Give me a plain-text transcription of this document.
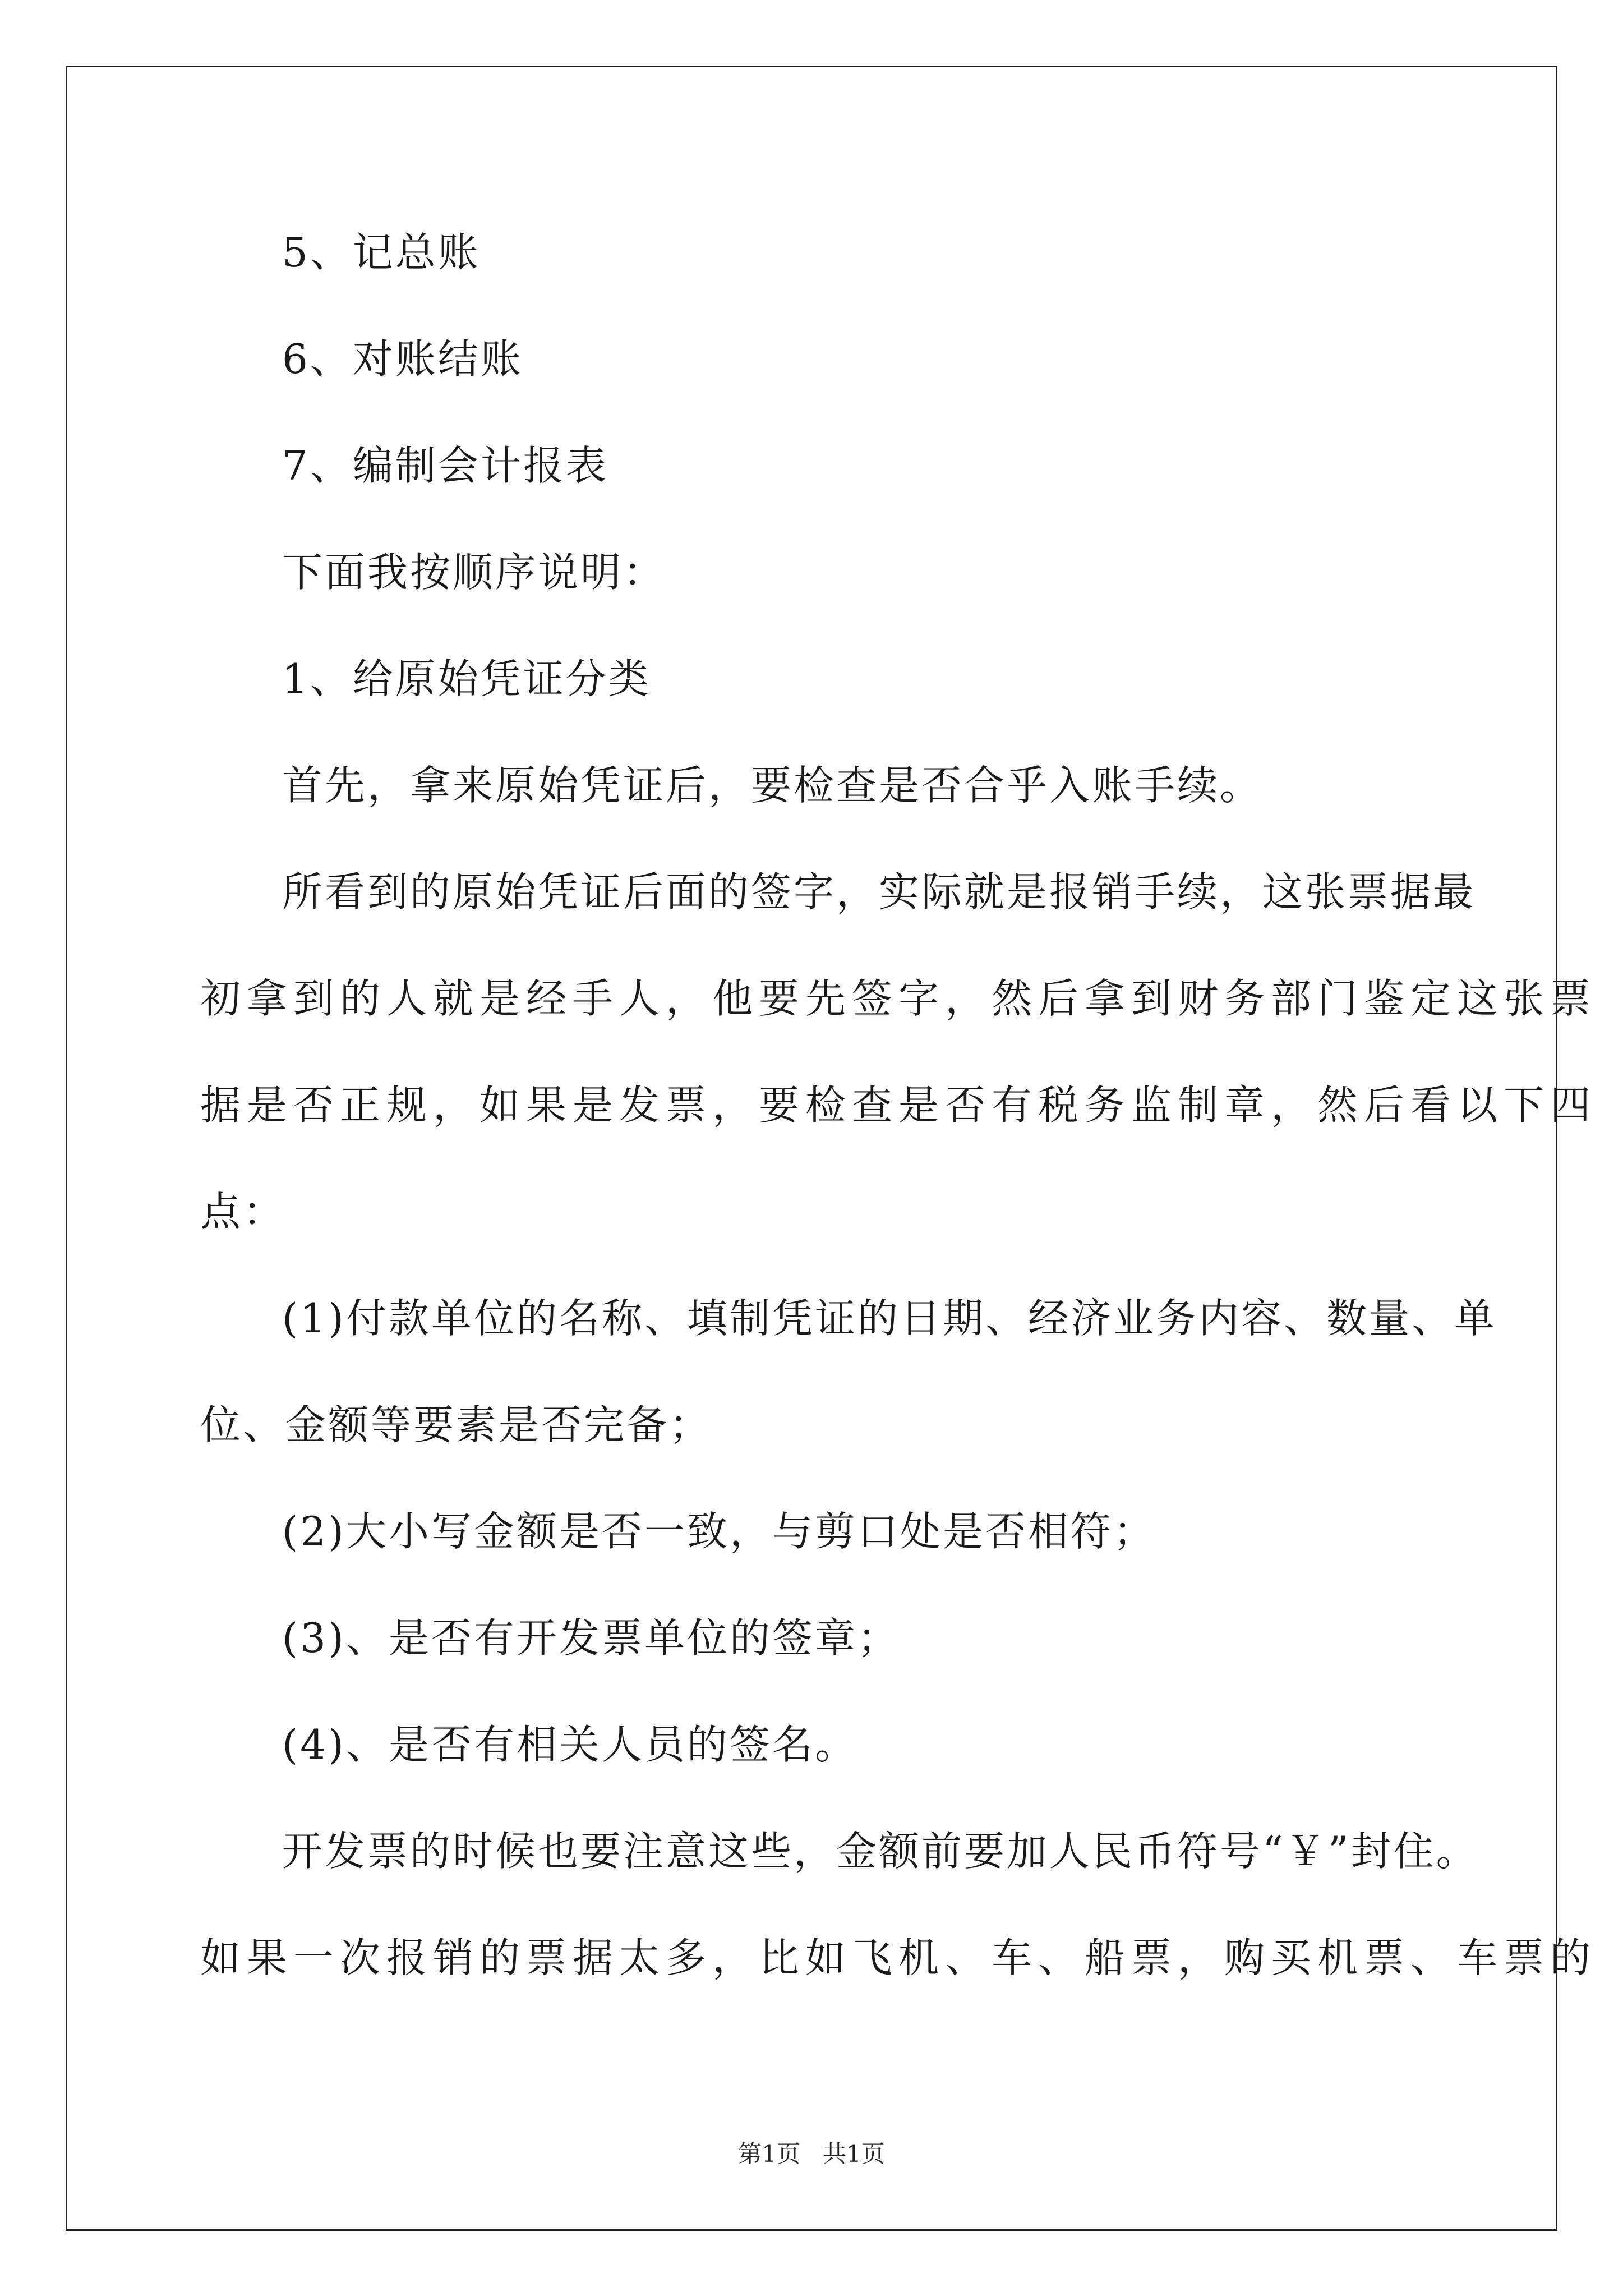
5、记总账
6、对账结账
7、编制会计报表
下面我按顺序说明：
1、给原始凭证分类
首先，拿来原始凭证后，要检查是否合乎入账手续。
所看到的原始凭证后面的签字，实际就是报销手续，这张票据最
初拿到的人就是经手人，他要先签字，然后拿到财务部门鉴定这张票
据是否正规，如果是发票，要检查是否有税务监制章，然后看以下四
点：
(1)付款单位的名称、填制凭证的日期、经济业务内容、数量、单
位、金额等要素是否完备；
(2)大小写金额是否一致，与剪口处是否相符；
(3)、是否有开发票单位的签章；
(4)、是否有相关人员的签名。
开发票的时候也要注意这些，金额前要加人民币符号“￥”封住。
如果一次报销的票据太多，比如飞机、车、船票，购买机票、车票的
第1页 共1页
